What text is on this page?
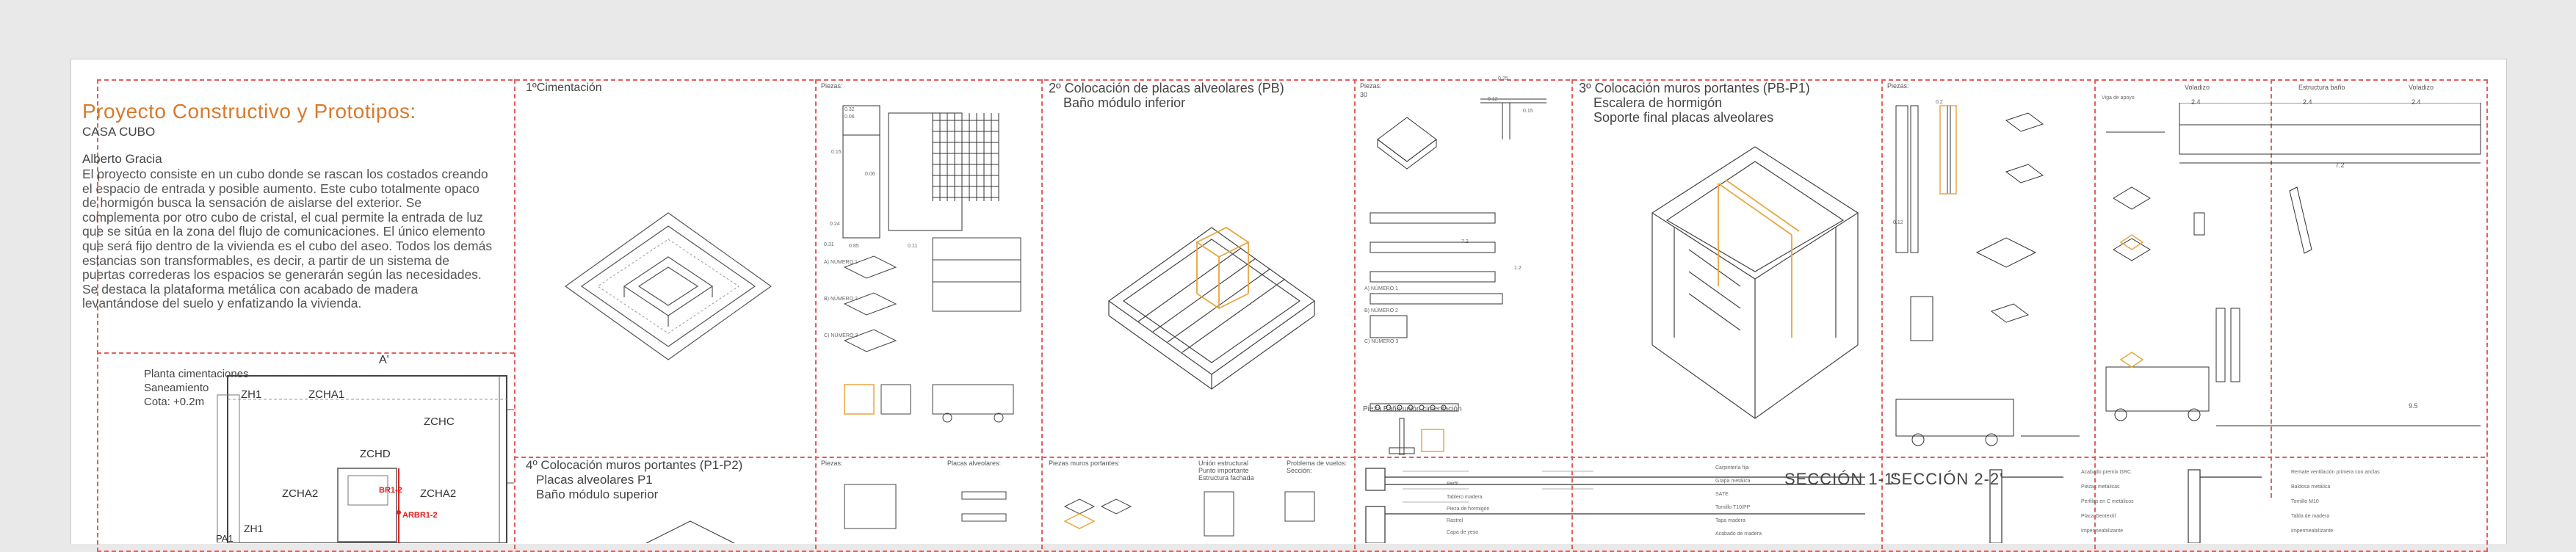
Proyecto Constructivo y Prototipos:
CASA CUBO
Alberto Gracia
El proyecto consiste en un cubo donde se rascan los costados creando el espacio de entrada y posible aumento. Este cubo totalmente opaco de hormigón busca la sensación de aislarse del exterior. Se complementa por otro cubo de cristal, el cual permite la entrada de luz que se sitúa en la zona del flujo de comunicaciones. El único elemento que será fijo dentro de la vivienda es el cubo del aseo. Todos los demás estancias son transformables, es decir, a partir de un sistema de puertas correderas los espacios se generarán según las necesidades. Se destaca la plataforma metálica con acabado de madera levantándose del suelo y enfatizando la vivienda.
Planta cimentaciones
Saneamiento
Cota: +0.2m
A'
ZH1	ZCHA1
ZCHC
ZCHD
ZCHA2	ZCHA2
ZH1
PA1
BR1-2
ARBR1-2
1ºCimentación	Piezas:
0.32
0.06
0.15
0.06
0.24
0.31	0.85	0.11
A) NÚMERO 1
B) NÚMERO 2
C) NÚMERO 3
2º Colocación de placas alveolares (PB)
Baño módulo inferior
Piezas:
30
A) NÚMERO 1
B) NÚMERO 2
C) NÚMERO 3
Pieza Baño unión cimentación
0.25
0.12
0.15
7.2
1.2
3º Colocación muros portantes (PB-P1)
Escalera de hormigón
Soporte final placas alveolares
Piezas:
0.2
0.12
Viga de apoyo
Voladizo	Estructura baño	Voladizo
2.4	2.4	2.4
7.2
9.5
4º Colocación muros portantes (P1-P2)
Placas alveolares P1
Baño módulo superior
Piezas:	Placas alveolares:	Piezas muros portantes:	Unión estructural
Punto importante
Estructura fachada
Problema de vuelos:
Sección:
Perfil
Tablero madera
Pieza de hormigón
Rastrel
Capa de yeso
Carpintería fija
Grapa metálica
SATE
Tornillo T10/PP
Tapa madera
Acabado de madera
SECCIÓN 1-1'
SECCIÓN 2-2'	Acabado premix GRC
Piezas metálicas
Perfiles en C metálicos
Placa Geotextil
Impermeabilizante
Remate ventilación primera con anclas
Baldosa metálica
Tornillo M10
Tabla de madera
Impermeabilizante
